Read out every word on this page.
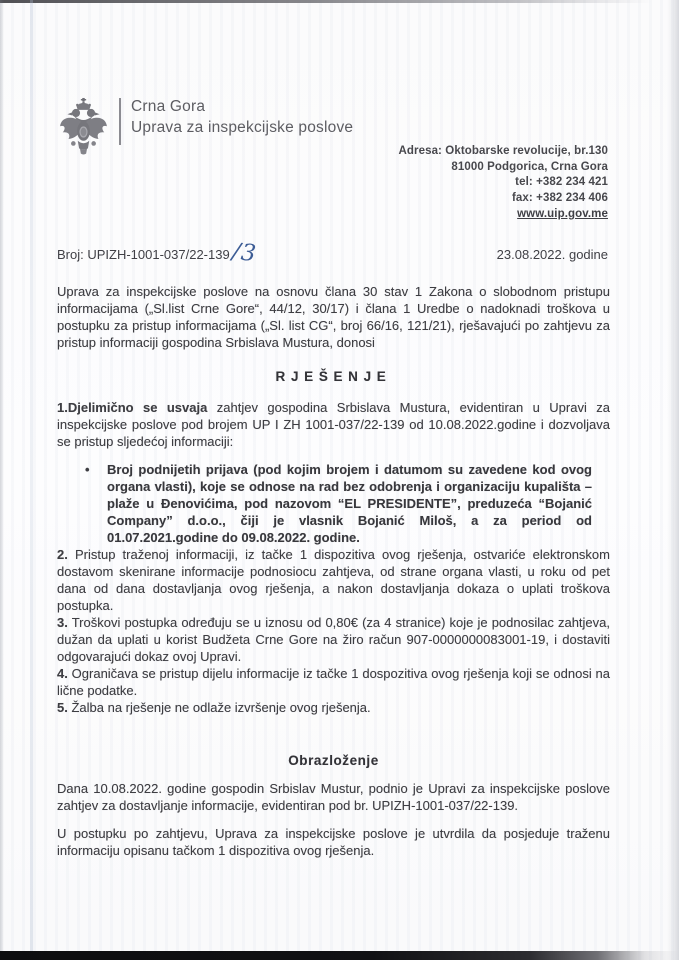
Crna Gora
Uprava za inspekcijske poslove
Adresa: Oktobarske revolucije, br.130
81000 Podgorica, Crna Gora
tel: +382 234 421
fax: +382 234 406
www.uip.gov.me
Broj: UPIZH-1001-037/22-139 /3	23.08.2022. godine

Uprava za inspekcijske poslove na osnovu člana 30 stav 1 Zakona o slobodnom pristupu informacijama („Sl.list Crne Gore“, 44/12, 30/17) i člana 1 Uredbe o nadoknadi troškova u postupku za pristup informacijama („Sl. list CG“, broj 66/16, 121/21), rješavajući po zahtjevu za pristup informaciji gospodina Srbislava Mustura, donosi

RJEŠENJE

1.Djelimično se usvaja zahtjev gospodina Srbislava Mustura, evidentiran u Upravi za inspekcijske poslove pod brojem UP I ZH 1001-037/22-139 od 10.08.2022.godine i dozvoljava se pristup sljedećoj informaciji:

•	Broj podnijetih prijava (pod kojim brojem i datumom su zavedene kod ovog organa vlasti), koje se odnose na rad bez odobrenja i organizaciju kupališta – plaže u Đenovićima, pod nazovom “EL PRESIDENTE”, preduzeća “Bojanić Company” d.o.o., čiji je vlasnik Bojanić Miloš, a za period od 01.07.2021.godine do 09.08.2022. godine.

2. Pristup traženoj informaciji, iz tačke 1 dispozitiva ovog rješenja, ostvariće elektronskom dostavom skenirane informacije podnosiocu zahtjeva, od strane organa vlasti, u roku od pet dana od dana dostavljanja ovog rješenja, a nakon dostavljanja dokaza o uplati troškova postupka.

3. Troškovi postupka određuju se u iznosu od 0,80€ (za 4 stranice) koje je podnosilac zahtjeva, dužan da uplati u korist Budžeta Crne Gore na žiro račun 907-0000000083001-19, i dostaviti odgovarajući dokaz ovoj Upravi.

4. Ograničava se pristup dijelu informacije iz tačke 1 dospozitiva ovog rješenja koji se odnosi na lične podatke.

5. Žalba na rješenje ne odlaže izvršenje ovog rješenja.

Obrazloženje

Dana 10.08.2022. godine gospodin Srbislav Mustur, podnio je Upravi za inspekcijske poslove zahtjev za dostavljanje informacije, evidentiran pod br. UPIZH-1001-037/22-139.

U postupku po zahtjevu, Uprava za inspekcijske poslove je utvrdila da posjeduje traženu informaciju opisanu tačkom 1 dispozitiva ovog rješenja.
